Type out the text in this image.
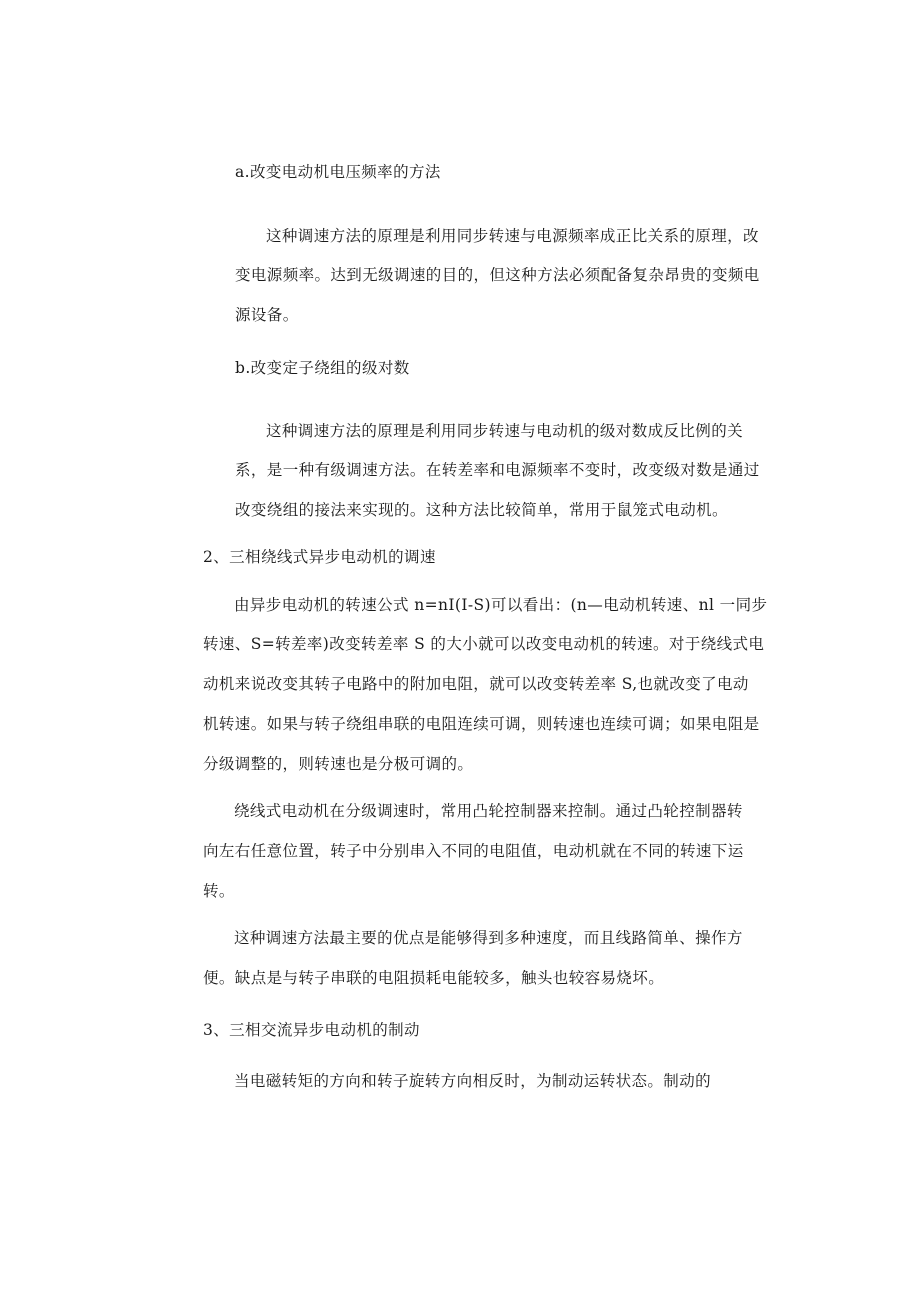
a.改变电动机电压频率的方法
这种调速方法的原理是利用同步转速与电源频率成正比关系的原理，改
变电源频率。达到无级调速的目的，但这种方法必须配备复杂昂贵的变频电
源设备。
b.改变定子绕组的级对数
这种调速方法的原理是利用同步转速与电动机的级对数成反比例的关
系，是一种有级调速方法。在转差率和电源频率不变时，改变级对数是通过
改变绕组的接法来实现的。这种方法比较简单，常用于鼠笼式电动机。
2、三相绕线式异步电动机的调速
由异步电动机的转速公式 n=nI(I-S)可以看出：(n—电动机转速、nl 一同步
转速、S=转差率)改变转差率 S 的大小就可以改变电动机的转速。对于绕线式电
动机来说改变其转子电路中的附加电阻，就可以改变转差率 S,也就改变了电动
机转速。如果与转子绕组串联的电阻连续可调，则转速也连续可调；如果电阻是
分级调整的，则转速也是分极可调的。
绕线式电动机在分级调速时，常用凸轮控制器来控制。通过凸轮控制器转
向左右任意位置，转子中分别串入不同的电阻值，电动机就在不同的转速下运
转。
这种调速方法最主要的优点是能够得到多种速度，而且线路简单、操作方
便。缺点是与转子串联的电阻损耗电能较多，触头也较容易烧坏。
3、三相交流异步电动机的制动
当电磁转矩的方向和转子旋转方向相反时，为制动运转状态。制动的
